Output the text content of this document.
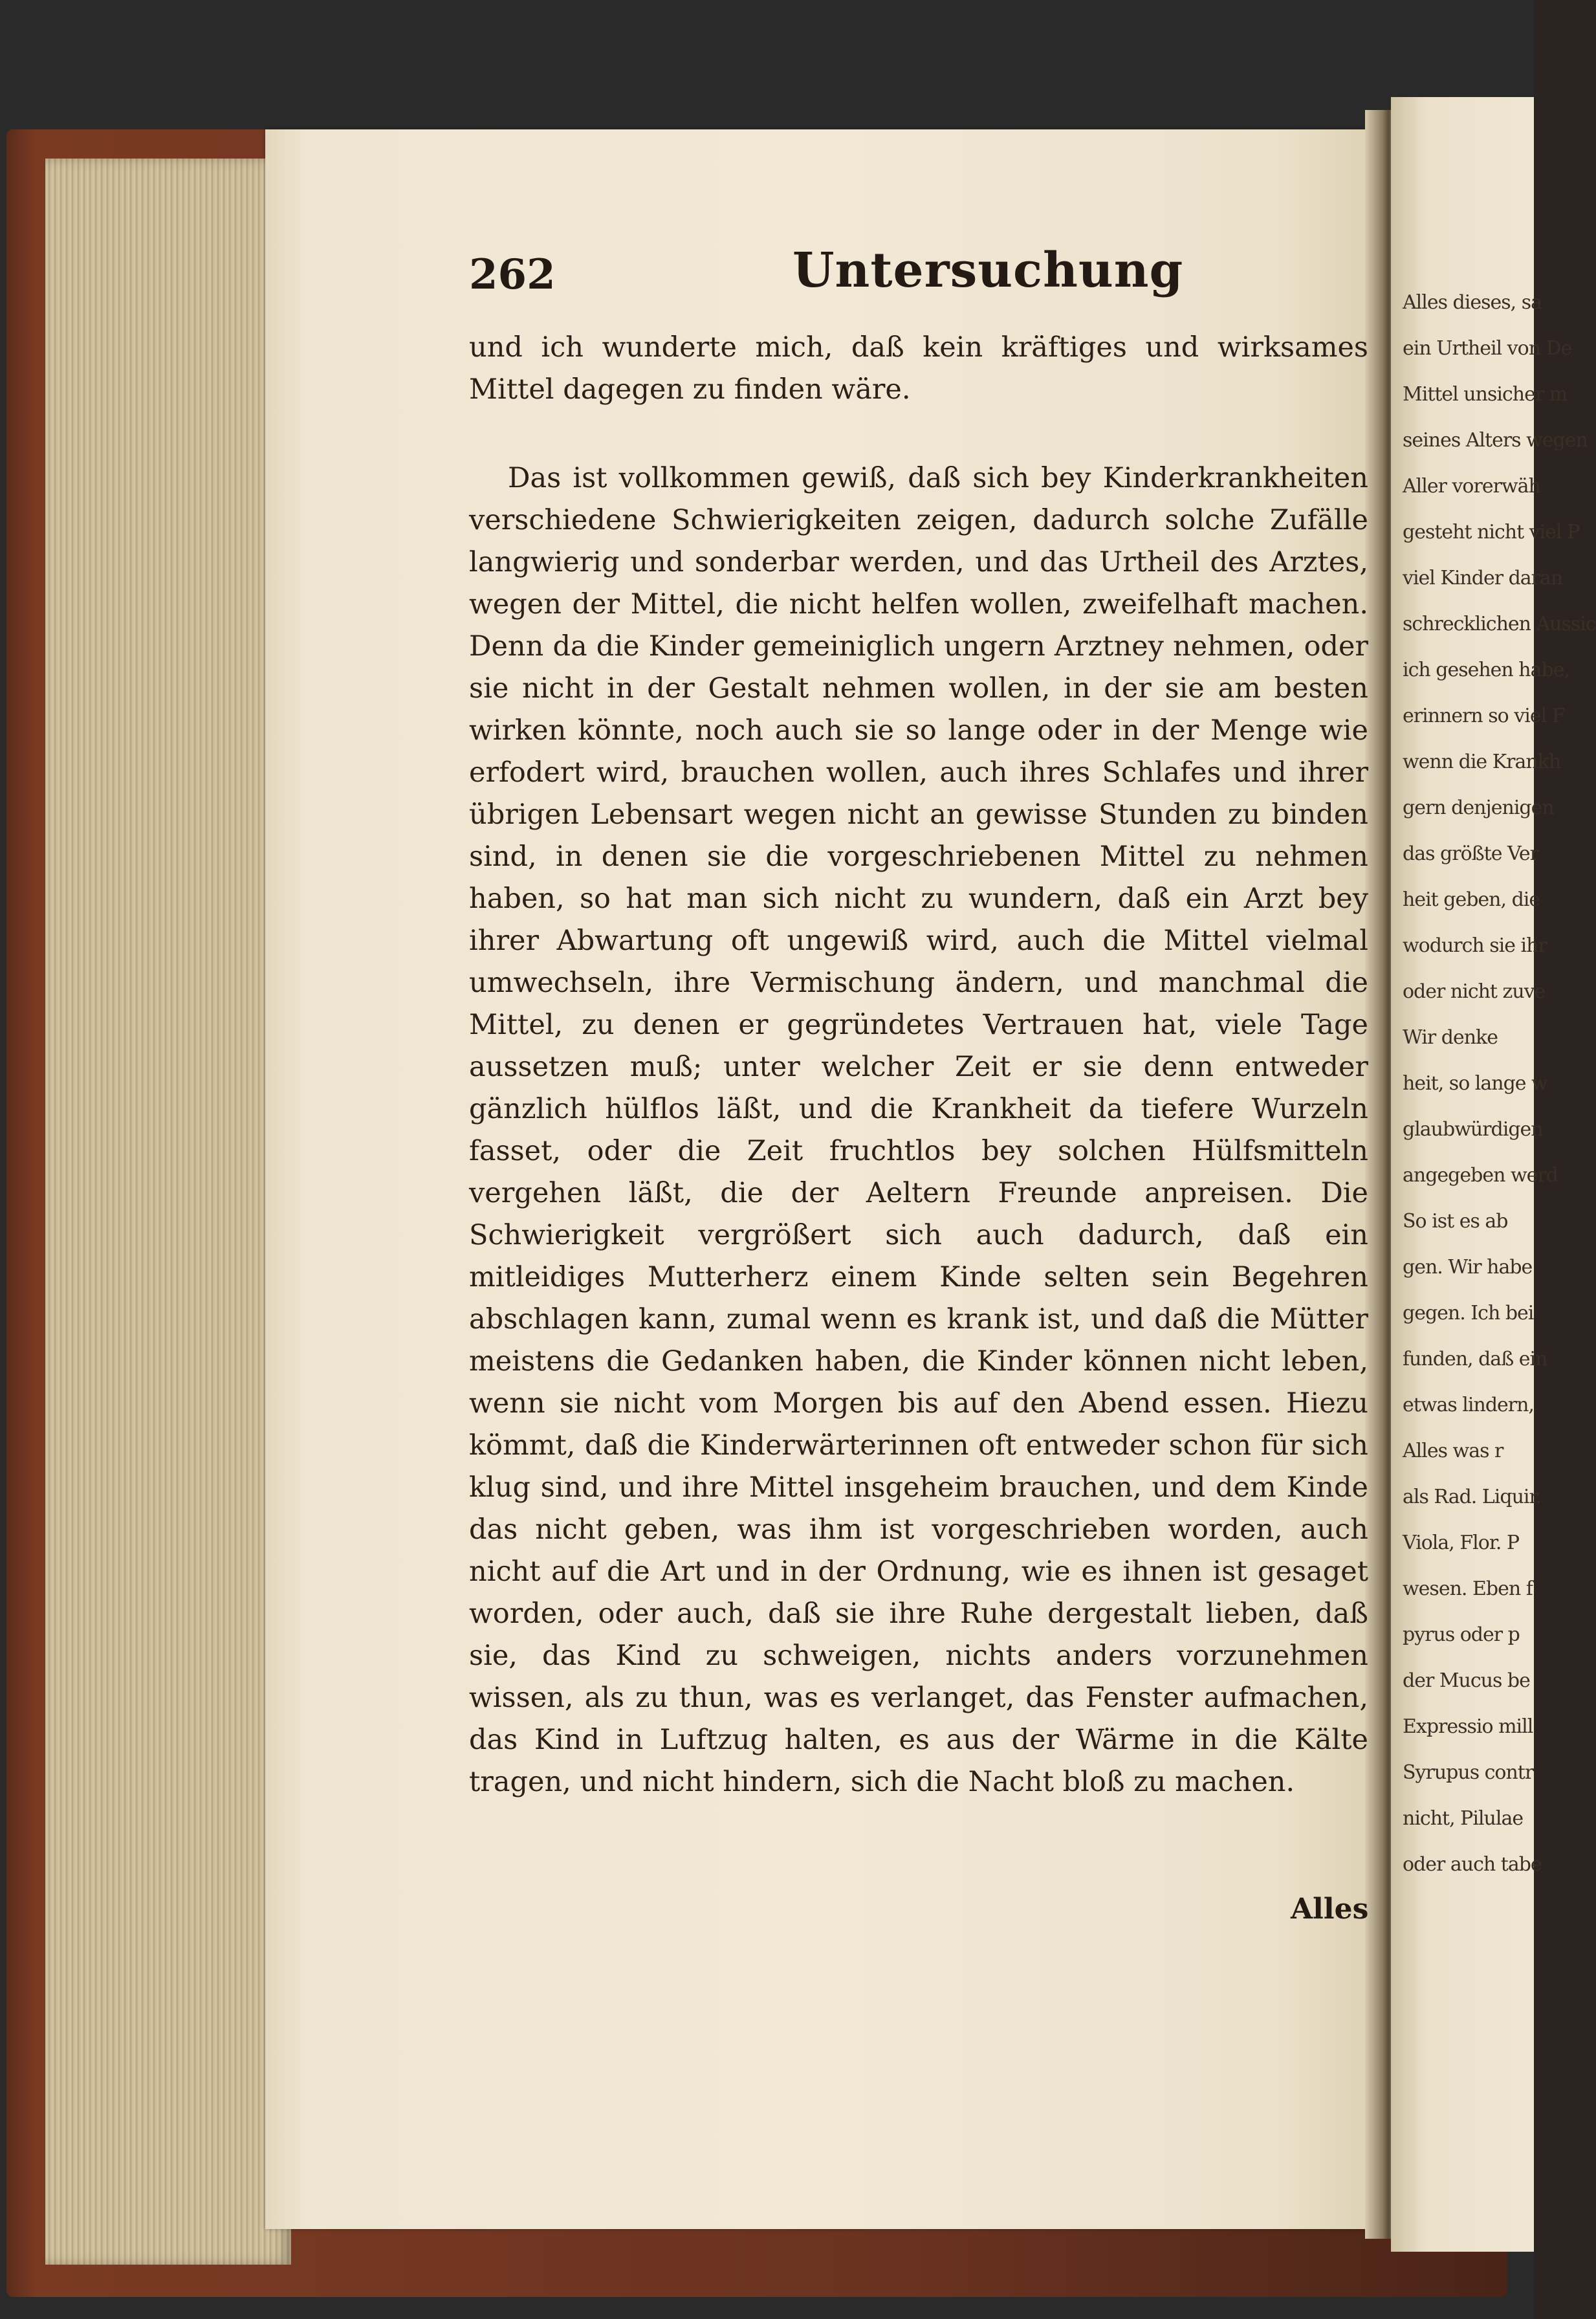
Alles dieses, sa
ein Urtheil von De
Mittel unsicher m
seines Alters wegen
Aller vorerwäh
gesteht nicht viel P
viel Kinder daran
schrecklichen Aussic
ich gesehen habe,
erinnern so viel F
wenn die Krankh
gern denjenigen
das größte Ver
heit geben, die
wodurch sie ihr
oder nicht zuve
Wir denke
heit, so lange w
glaubwürdigen
angegeben werd
So ist es ab
gen. Wir habe
gegen. Ich bei
funden, daß ein
etwas lindern,
Alles was r
als Rad. Liquir.
Viola, Flor. P
wesen. Eben f
pyrus oder p
der Mucus be
Expressio mill
Syrupus contr
nicht, Pilulae
oder auch tabe
262	Untersuchung

und ich wunderte mich, daß kein kräftiges und wirksames Mittel dagegen zu finden wäre.

Das ist vollkommen gewiß, daß sich bey Kinderkrankheiten verschiedene Schwierigkeiten zeigen, dadurch solche Zufälle langwierig und sonderbar werden, und das Urtheil des Arztes, wegen der Mittel, die nicht helfen wollen, zweifelhaft machen. Denn da die Kinder gemeiniglich ungern Arztney nehmen, oder sie nicht in der Gestalt nehmen wollen, in der sie am besten wirken könnte, noch auch sie so lange oder in der Menge wie erfodert wird, brauchen wollen, auch ihres Schlafes und ihrer übrigen Lebensart wegen nicht an gewisse Stunden zu binden sind, in denen sie die vorgeschriebenen Mittel zu nehmen haben, so hat man sich nicht zu wundern, daß ein Arzt bey ihrer Abwartung oft ungewiß wird, auch die Mittel vielmal umwechseln, ihre Vermischung ändern, und manchmal die Mittel, zu denen er gegründetes Vertrauen hat, viele Tage aussetzen muß; unter welcher Zeit er sie denn entweder gänzlich hülflos läßt, und die Krankheit da tiefere Wurzeln fasset, oder die Zeit fruchtlos bey solchen Hülfsmitteln vergehen läßt, die der Aeltern Freunde anpreisen. Die Schwierigkeit vergrößert sich auch dadurch, daß ein mitleidiges Mutterherz einem Kinde selten sein Begehren abschlagen kann, zumal wenn es krank ist, und daß die Mütter meistens die Gedanken haben, die Kinder können nicht leben, wenn sie nicht vom Morgen bis auf den Abend essen. Hiezu kömmt, daß die Kinderwärterinnen oft entweder schon für sich klug sind, und ihre Mittel insgeheim brauchen, und dem Kinde das nicht geben, was ihm ist vorgeschrieben worden, auch nicht auf die Art und in der Ordnung, wie es ihnen ist gesaget worden, oder auch, daß sie ihre Ruhe dergestalt lieben, daß sie, das Kind zu schweigen, nichts anders vorzunehmen wissen, als zu thun, was es verlanget, das Fenster aufmachen, das Kind in Luftzug halten, es aus der Wärme in die Kälte tragen, und nicht hindern, sich die Nacht bloß zu machen.

Alles
